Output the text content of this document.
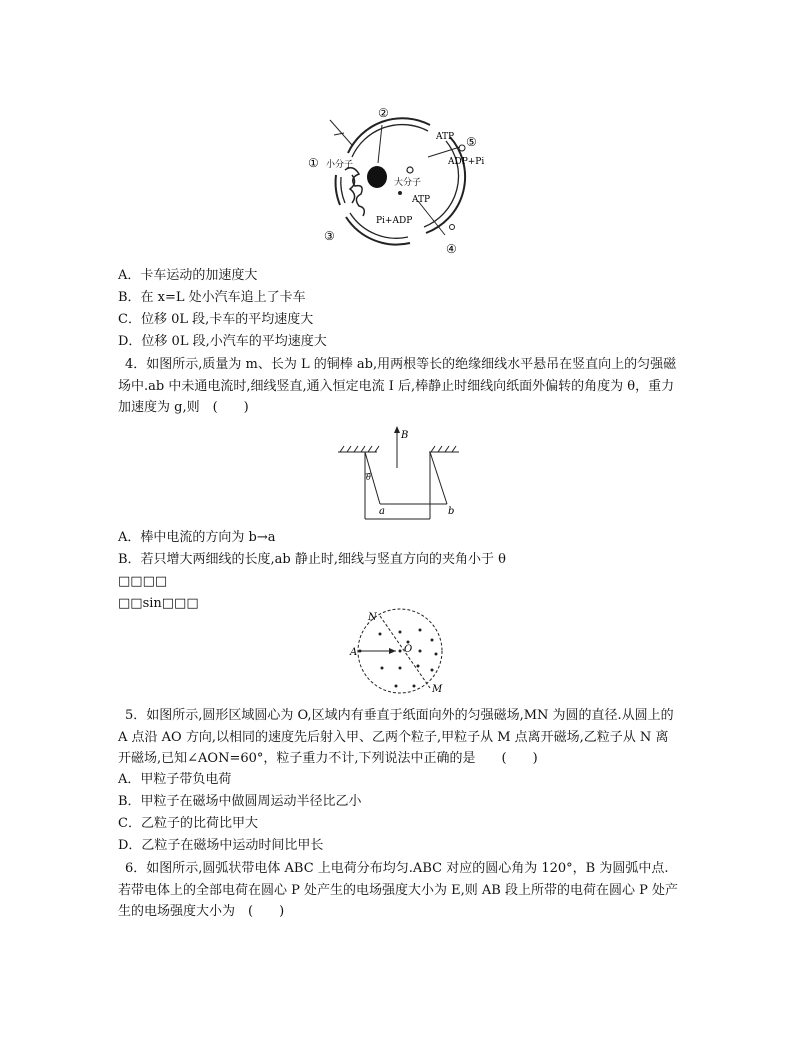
②
① 小分子
③
ATP ⑤
ADP+Pi
大分子
ATP
Pi+ADP
④
A．卡车运动的加速度大
B．在 x=L 处小汽车追上了卡车
C．位移 0L 段,卡车的平均速度大
D．位移 0L 段,小汽车的平均速度大
4．如图所示,质量为 m、长为 L 的铜棒 ab,用两根等长的绝缘细线水平悬吊在竖直向上的匀强磁场中.ab 中未通电流时,细线竖直,通入恒定电流 I 后,棒静止时细线向纸面外偏转的角度为 θ，重力加速度为 g,则　(　　)
B
θ
a	b
A．棒中电流的方向为 b→a
B．若只增大两细线的长度,ab 静止时,细线与竖直方向的夹角小于 θ
□□□□
□□sin□□□
N
A	O
M
5．如图所示,圆形区域圆心为 O,区域内有垂直于纸面向外的匀强磁场,MN 为圆的直径.从圆上的 A 点沿 AO 方向,以相同的速度先后射入甲、乙两个粒子,甲粒子从 M 点离开磁场,乙粒子从 N 离开磁场,已知∠AON=60°，粒子重力不计,下列说法中正确的是　　(　　)
A．甲粒子带负电荷
B．甲粒子在磁场中做圆周运动半径比乙小
C．乙粒子的比荷比甲大
D．乙粒子在磁场中运动时间比甲长
6．如图所示,圆弧状带电体 ABC 上电荷分布均匀.ABC 对应的圆心角为 120°，B 为圆弧中点.若带电体上的全部电荷在圆心 P 处产生的电场强度大小为 E,则 AB 段上所带的电荷在圆心 P 处产生的电场强度大小为　(　　)
